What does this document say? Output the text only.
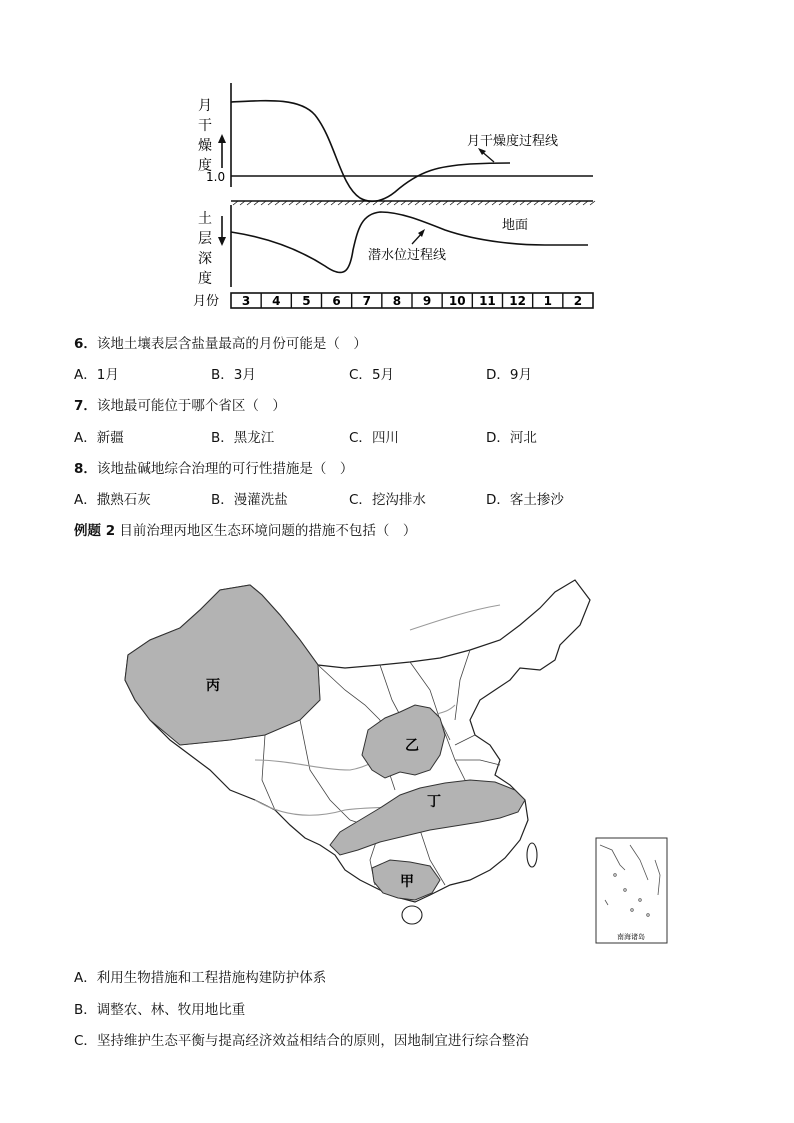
月
干
燥
度
1.0
月干燥度过程线
土
层
深
度
地面
潜水位过程线
月份 3 4 5 6 7 8 9 10 11 12 1 2
6．该地土壤表层含盐量最高的月份可能是（　）
A．1月	B．3月	C．5月	D．9月
7．该地最可能位于哪个省区（　）
A．新疆	B．黑龙江	C．四川	D．河北
8．该地盐碱地综合治理的可行性措施是（　）
A．撒熟石灰	B．漫灌洗盐	C．挖沟排水	D．客土掺沙
例题 2 目前治理丙地区生态环境问题的措施不包括（　）
丙
乙
丁
甲
南海诸岛
A．利用生物措施和工程措施构建防护体系
B．调整农、林、牧用地比重
C．坚持维护生态平衡与提高经济效益相结合的原则，因地制宜进行综合整治
